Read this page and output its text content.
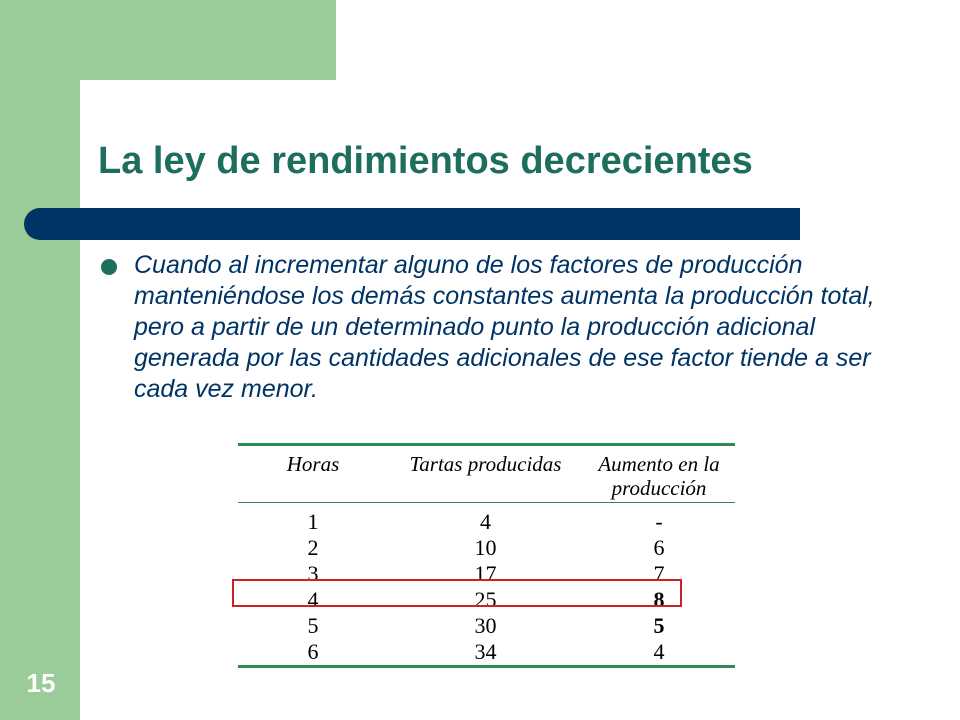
La ley de rendimientos decrecientes

Cuando al incrementar alguno de los factores de producción manteniéndose los demás constantes aumenta la producción total, pero a partir de un determinado punto la producción adicional generada por las cantidades adicionales de ese factor tiende a ser cada vez menor.

Horas	Tartas producidas	Aumento en la producción
1	4	-
2	10	6
3	17	7
4	25	8
5	30	5
6	34	4
15
